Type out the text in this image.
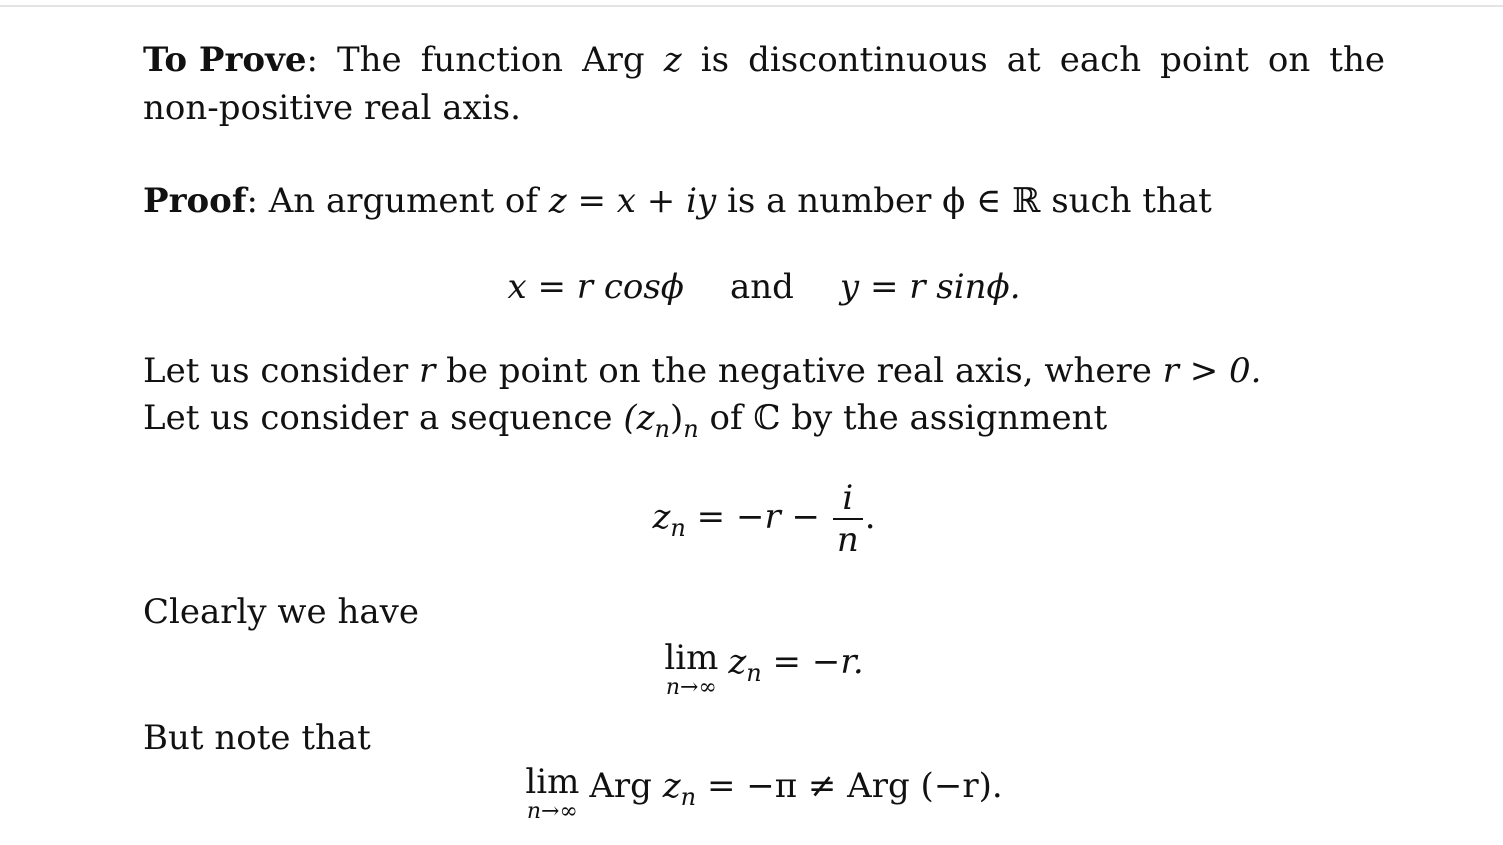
To Prove: The function Arg z is discontinuous at each point on the
non-positive real axis.
Proof: An argument of z = x + iy is a number ϕ ∈ ℝ such that
x = r cosϕ and y = r sinϕ.
Let us consider r be point on the negative real axis, where r > 0.
Let us consider a sequence $(z_n)_n$ of ℂ by the assignment
$z_n = -r - \frac{i}{n}$ .
Clearly we have
lim
n→∞
$z_n = -r$.
But note that
lim
n→∞
Arg $z_n = -\pi$ ≠ Arg (−r).
